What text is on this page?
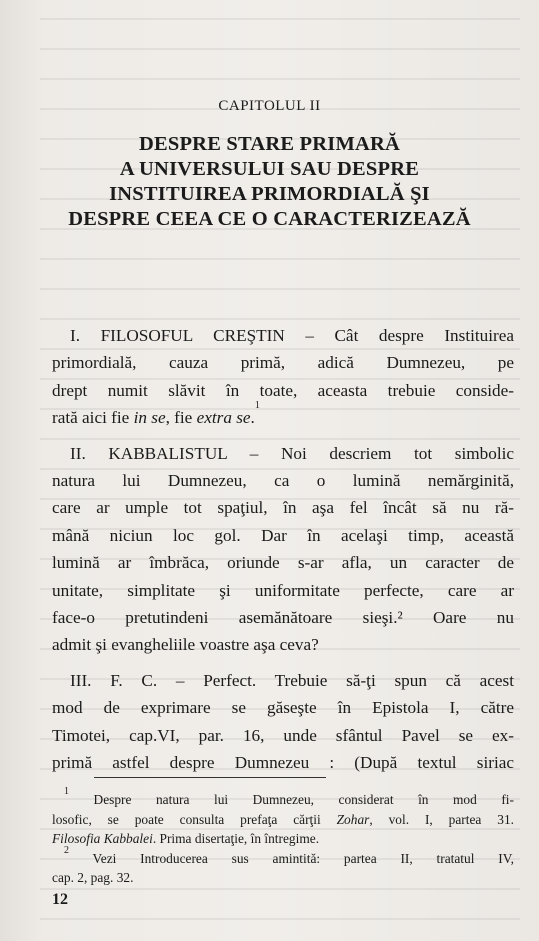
CAPITOLUL II
DESPRE STARE PRIMARĂ
A UNIVERSULUI SAU DESPRE
INSTITUIREA PRIMORDIALĂ ŞI
DESPRE CEEA CE O CARACTERIZEAZĂ
I. FILOSOFUL CREŞTIN – Cât despre Instituirea
primordială, cauza primă, adică Dumnezeu, pe
drept numit slăvit în toate, aceasta trebuie conside-
rată aici fie in se, fie extra se.$^1$
II. KABBALISTUL – Noi descriem tot simbolic
natura lui Dumnezeu, ca o lumină nemărginită,
care ar umple tot spaţiul, în aşa fel încât să nu ră-
mână niciun loc gol. Dar în acelaşi timp, această
lumină ar îmbrăca, oriunde s-ar afla, un caracter de
unitate, simplitate şi uniformitate perfecte, care ar
face-o pretutindeni asemănătoare sieşi.² Oare nu
admit şi evangheliile voastre aşa ceva?
III. F. C. – Perfect. Trebuie să-ţi spun că acest
mod de exprimare se găseşte în Epistola I, către
Timotei, cap.VI, par. 16, unde sfântul Pavel se ex-
primă astfel despre Dumnezeu : (După textul siriac
$^1$ Despre natura lui Dumnezeu, considerat în mod fi-
losofic, se poate consulta prefaţa cărţii Zohar, vol. I, partea 31.
Filosofia Kabbalei. Prima disertaţie, în întregime.
$^2$ Vezi Introducerea sus amintită: partea II, tratatul IV,
cap. 2, pag. 32.
12
